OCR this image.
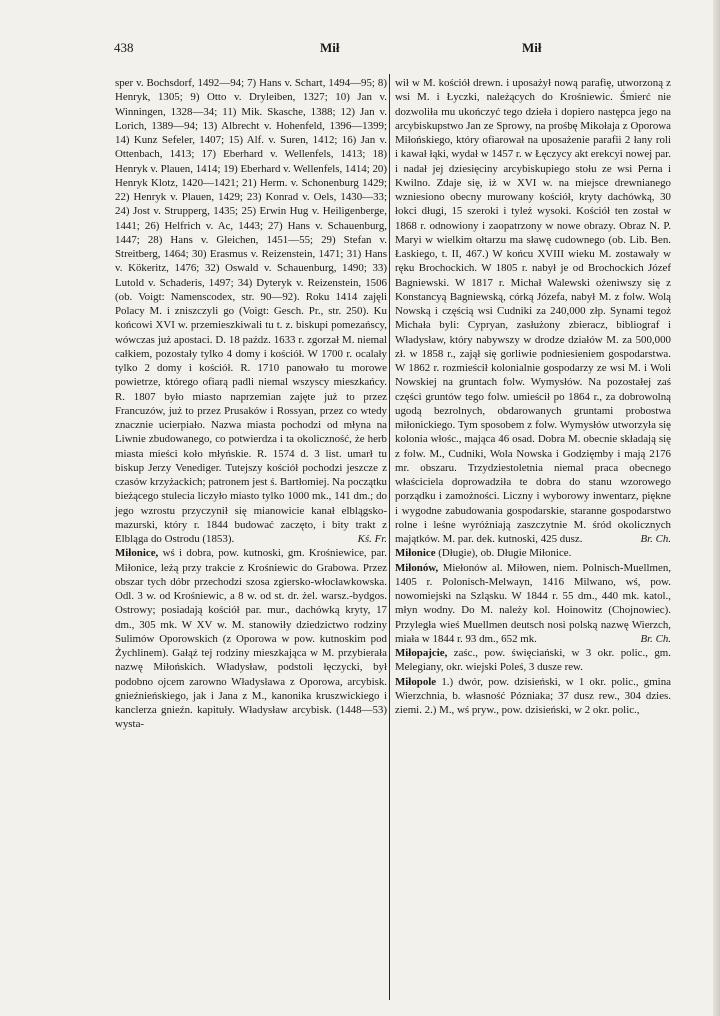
438	Mił	Mił

sper v. Bochsdorf, 1492—94; 7) Hans v. Schart, 1494—95; 8) Henryk, 1305; 9) Otto v. Dryleiben, 1327; 10) Jan v. Winningen, 1328—34; 11) Mik. Skasche, 1388; 12) Jan v. Lorich, 1389—94; 13) Albrecht v. Hohenfeld, 1396—1399; 14) Kunz Sefeler, 1407; 15) Alf. v. Suren, 1412; 16) Jan v. Ottenbach, 1413; 17) Eberhard v. Wellenfels, 1413; 18) Henryk v. Plauen, 1414; 19) Eberhard v. Wellenfels, 1414; 20) Henryk Klotz, 1420—1421; 21) Herm. v. Schonenburg 1429; 22) Henryk v. Plauen, 1429; 23) Konrad v. Oels, 1430—33; 24) Jost v. Strupperg, 1435; 25) Erwin Hug v. Heiligenberge, 1441; 26) Helfrich v. Ac, 1443; 27) Hans v. Schauenburg, 1447; 28) Hans v. Gleichen, 1451—55; 29) Stefan v. Streitberg, 1464; 30) Erasmus v. Reizenstein, 1471; 31) Hans v. Kökeritz, 1476; 32) Oswald v. Schauenburg, 1490; 33) Lutold v. Schaderis, 1497; 34) Dyteryk v. Reizenstein, 1506 (ob. Voigt: Namenscodex, str. 90—92). Roku 1414 zajęli Polacy M. i zniszczyli go (Voigt: Gesch. Pr., str. 250). Ku końcowi XVI w. przemieszkiwali tu t. z. biskupi pomezańscy, wówczas już apostaci. D. 18 paźdz. 1633 r. zgorzał M. niemal całkiem, pozostały tylko 4 domy i kościół. W 1700 r. ocalały tylko 2 domy i kościół. R. 1710 panowało tu morowe powietrze, którego ofiarą padli niemal wszyscy mieszkańcy. R. 1807 było miasto naprzemian zajęte już to przez Francuzów, już to przez Prusaków i Rossyan, przez co wtedy znacznie ucierpiało. Nazwa miasta pochodzi od młyna na Liwnie zbudowanego, co potwierdza i ta okoliczność, że herb miasta mieści koło młyńskie. R. 1574 d. 3 list. umarł tu biskup Jerzy Venediger. Tutejszy kościół pochodzi jeszcze z czasów krzyżackich; patronem jest ś. Bartłomiej. Na początku bieżącego stulecia liczyło miasto tylko 1000 mk., 141 dm.; do jego wzrostu przyczynił się mianowicie kanał elblągsko-mazurski, który r. 1844 budować zaczęto, i bity trakt z Elbląga do Ostrodu (1853).	Kś. Fr.

Miłonice, wś i dobra, pow. kutnoski, gm. Krośniewice, par. Miłonice, leżą przy trakcie z Krośniewic do Grabowa. Przez obszar tych dóbr przechodzi szosa zgiersko-włocławkowska. Odl. 3 w. od Krośniewic, a 8 w. od st. dr. żel. warsz.-bydgos. Ostrowy; posiadają kościół par. mur., dachówką kryty, 17 dm., 305 mk. W XV w. M. stanowiły dziedzictwo rodziny Sulimów Oporowskich (z Oporowa w pow. kutnoskim pod Żychlinem). Gałąź tej rodziny mieszkająca w M. przybierała nazwę Miłońskich. Władysław, podstoli łęczycki, był podobno ojcem zarowno Władysława z Oporowa, arcybisk. gnieźnieńskiego, jak i Jana z M., kanonika kruszwickiego i kanclerza gnieźn. kapituły. Władysław arcybisk. (1448—53) wysta-

wił w M. kościół drewn. i uposażył nową parafię, utworzoną z wsi M. i Łyczki, należących do Krośniewic. Śmierć nie dozwoliła mu ukończyć tego dzieła i dopiero następca jego na arcybiskupstwo Jan ze Sprowy, na prośbę Mikołaja z Oporowa Miłońskiego, który ofiarował na uposażenie parafii 2 łany roli i kawał łąki, wydał w 1457 r. w Łęczycy akt erekcyi nowej par. i nadał jej dziesięciny arcybiskupiego stołu ze wsi Perna i Kwilno. Zdaje się, iż w XVI w. na miejsce drewnianego wzniesiono obecny murowany kościół, kryty dachówką, 30 łokci długi, 15 szeroki i tyleż wysoki. Kościół ten został w 1868 r. odnowiony i zaopatrzony w nowe obrazy. Obraz N. P. Maryi w wielkim ołtarzu ma sławę cudownego (ob. Lib. Ben. Łaskiego, t. II, 467.) W końcu XVIII wieku M. zostawały w ręku Brochockich. W 1805 r. nabył je od Brochockich Józef Bagniewski. W 1817 r. Michał Walewski ożeniwszy się z Konstancyą Bagniewską, córką Józefa, nabył M. z folw. Wolą Nowską i częścią wsi Cudniki za 240,000 złp. Synami tegoż Michała byli: Cypryan, zasłużony zbieracz, bibliograf i Władysław, który nabywszy w drodze działów M. za 500,000 zł. w 1858 r., zajął się gorliwie podniesieniem gospodarstwa. W 1862 r. rozmieścił kolonialnie gospodarzy ze wsi M. i Woli Nowskiej na gruntach folw. Wymysłów. Na pozostałej zaś części gruntów tego folw. umieścił po 1864 r., za dobrowolną ugodą bezrolnych, obdarowanych gruntami probostwa miłonickiego. Tym sposobem z folw. Wymysłów utworzyła się kolonia włośc., mająca 46 osad. Dobra M. obecnie składają się z folw. M., Cudniki, Wola Nowska i Godzięmby i mają 2176 mr. obszaru. Trzydziestoletnia niemal praca obecnego właściciela doprowadziła te dobra do stanu wzorowego porządku i zamożności. Liczny i wyborowy inwentarz, piękne i wygodne zabudowania gospodarskie, staranne gospodarstwo rolne i leśne wyróżniają zaszczytnie M. śród okolicznych majątków. M. par. dek. kutnoski, 425 dusz.	Br. Ch.

Miłonice (Długie), ob. Długie Miłonice.

Miłonów, Miełonów al. Miłowen, niem. Polnisch-Muellmen, 1405 r. Polonisch-Melwayn, 1416 Milwano, wś, pow. nowomiejski na Szląsku. W 1844 r. 55 dm., 440 mk. katol., młyn wodny. Do M. należy kol. Hoinowitz (Chojnowiec). Przyległa wieś Muellmen deutsch nosi polską nazwę Wierzch, miała w 1844 r. 93 dm., 652 mk.	Br. Ch.

Miłopajcie, zaśc., pow. święciański, w 3 okr. polic., gm. Melegiany, okr. wiejski Poleś, 3 dusze rew.

Miłopole 1.) dwór, pow. dzisieński, w 1 okr. polic., gmina Wierzchnia, b. własność Pózniaka; 37 dusz rew., 304 dzies. ziemi. 2.) M., wś pryw., pow. dzisieński, w 2 okr. polic.,
